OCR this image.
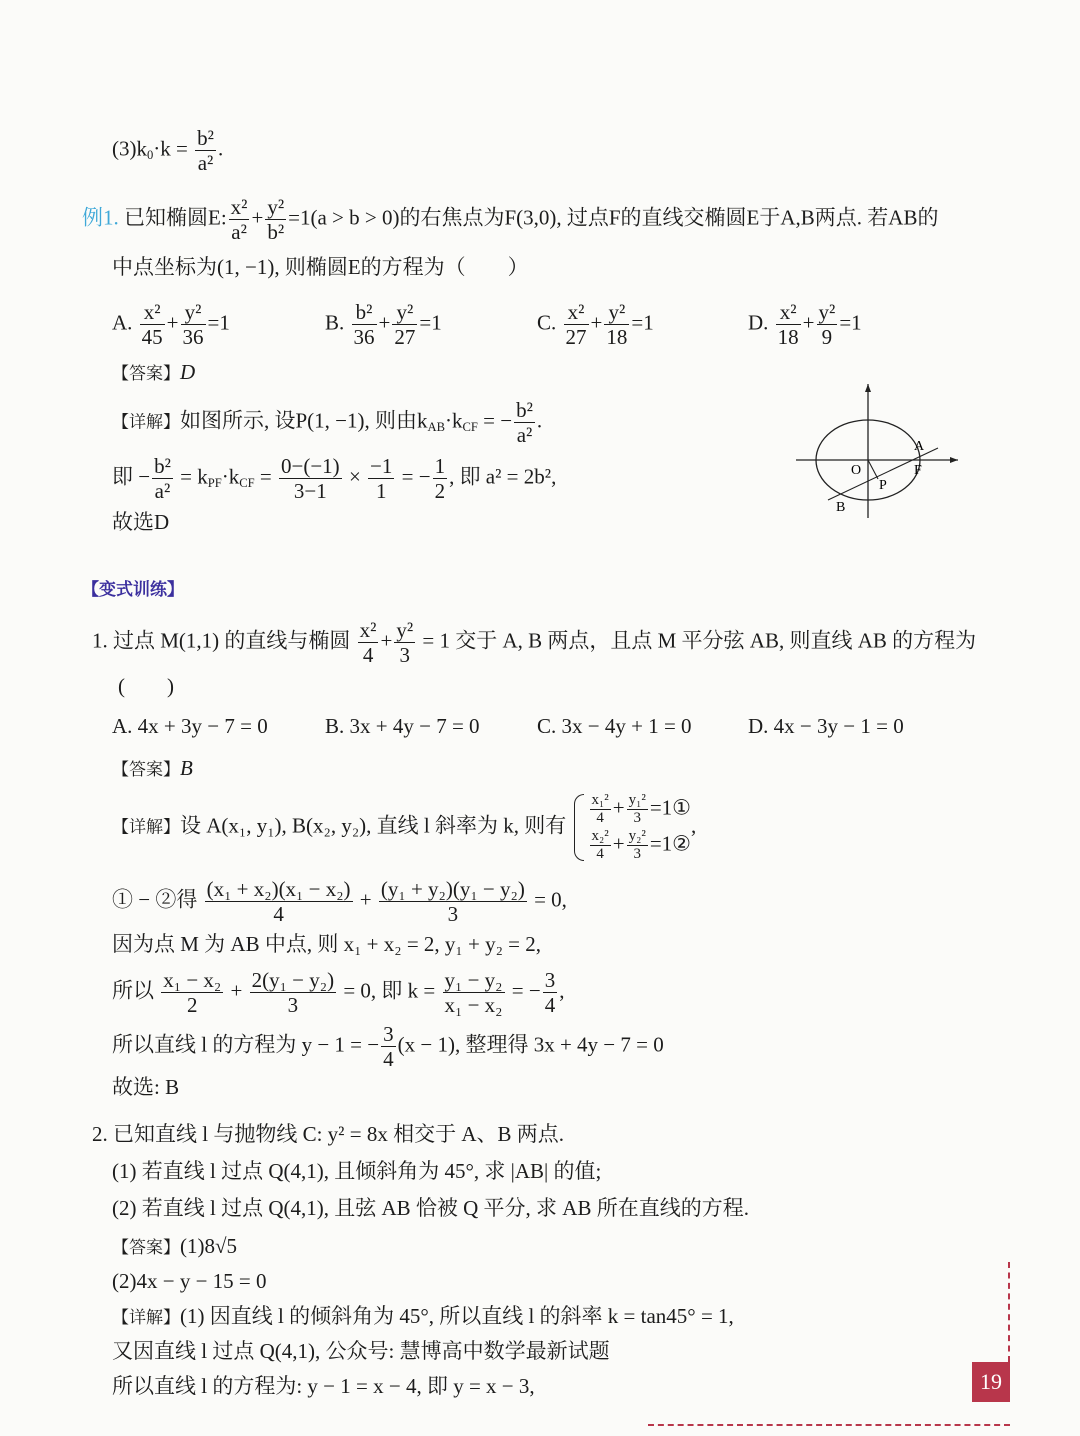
$(3)k_0\cdot k = \frac{\text{b²}}{\text{a²}}$ .
例1. 已知椭圆E: $\frac{\text{x²}}{\text{a²}} + \frac{\text{y²}}{\text{b²}} =1(a > b > 0)$的右焦点为F(3,0), 过点F的直线交椭圆E于A,B两点. 若AB的
中点坐标为(1, −1), 则椭圆E的方程为（　　）
A. $\frac{\text{x²}}{45} + \frac{\text{y²}}{36} =1$	B. $\frac{\text{b²}}{36} + \frac{\text{y²}}{27} =1$	C. $\frac{\text{x²}}{27} + \frac{\text{y²}}{18} =1$	D. $\frac{\text{x²}}{18} + \frac{\text{y²}}{9} =1$
【答案】D
【详解】如图所示, 设P(1, −1), 则由$k_{AB}\cdot k_{CF}$ = − $\frac{\text{b²}}{\text{a²}}$ .
即 − $\frac{\text{b²}}{\text{a²}} = k_{PF}\cdot k_{CF} = \frac{0-(-1)}{3-1} \times \frac{-1}{1}$ = − $\frac{1}{2}$ , 即 a² = 2b²,
故选D
A
O	F
P
B
【变式训练】
1. 过点 M(1,1) 的直线与椭圆 $\frac{\text{x²}}{4} + \frac{\text{y²}}{3} = 1$ 交于 A, B 两点，且点 M 平分弦 AB, 则直线 AB 的方程为
(　　)
A. 4x + 3y − 7 = 0	B. 3x + 4y − 7 = 0	C. 3x − 4y + 1 = 0	D. 4x − 3y − 1 = 0
【答案】B
【详解】设 A(x₁, y₁), B(x₂, y₂), 直线 l 斜率为 k, 则有 $\frac{\text{x₁²}}{4} + \frac{\text{y₁²}}{3}$ =1①
$\frac{\text{x₂²}}{4} + \frac{\text{y₂²}}{3}$ =1②
,
① − ②得 $\frac{\text{(x₁ + x₂)(x₁ − x₂)}}{4} + \frac{\text{(y₁ + y₂)(y₁ − y₂)}}{3} = 0$,
因为点 M 为 AB 中点, 则 x₁ + x₂ = 2, y₁ + y₂ = 2,
所以 $\frac{\text{x₁ − x₂}}{2} + \frac{\text{2(y₁ − y₂)}}{3} = 0$, 即 $k = \frac{\text{y₁ − y₂}}{\text{x₁ − x₂}}$ = − $\frac{3}{4}$ ,
所以直线 l 的方程为 y − 1 = − $\frac{3}{4} (x - 1)$, 整理得 3x + 4y − 7 = 0
故选: B
2. 已知直线 l 与抛物线 C: y² = 8x 相交于 A、B 两点.
(1) 若直线 l 过点 Q(4,1), 且倾斜角为 45°, 求 |AB| 的值;
(2) 若直线 l 过点 Q(4,1), 且弦 AB 恰被 Q 平分, 求 AB 所在直线的方程.
【答案】(1)8√5
(2)4x − y − 15 = 0
【详解】(1) 因直线 l 的倾斜角为 45°, 所以直线 l 的斜率 k = tan45° = 1,
又因直线 l 过点 Q(4,1), 公众号: 慧博高中数学最新试题
所以直线 l 的方程为: y − 1 = x − 4, 即 y = x − 3,	19
